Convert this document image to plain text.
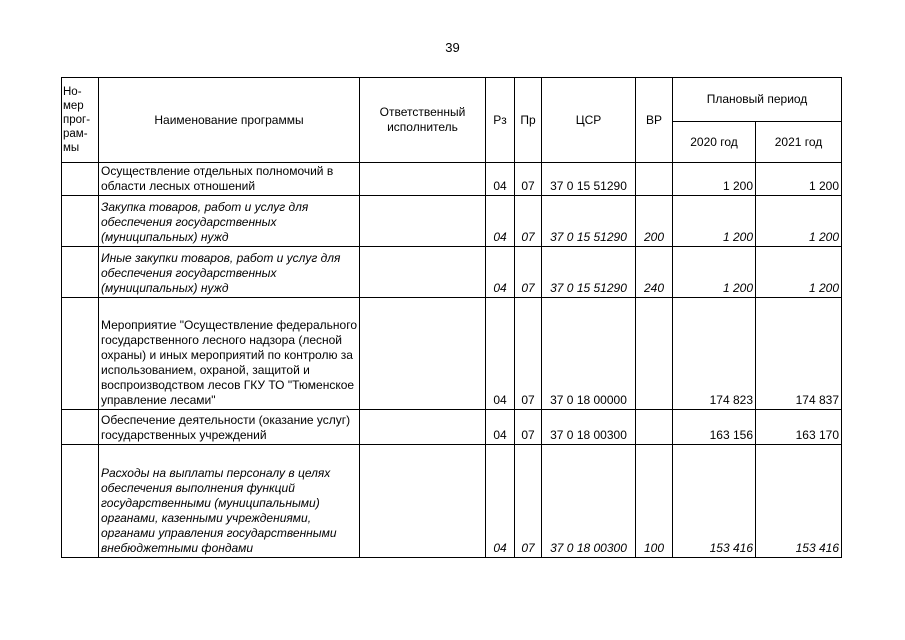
39
Но-
мер
прог-
рам-
мы	Наименование программы	Ответственный исполнитель	Рз	Пр	ЦСР	ВР	Плановый период	
							2020 год	2021 год
	Осуществление отдельных полномочий в области лесных отношений		04	07	37 0 15 51290		1 200	1 200
	Закупка товаров, работ и услуг для обеспечения государственных (муниципальных) нужд		04	07	37 0 15 51290	200	1 200	1 200
	Иные закупки товаров, работ и услуг для обеспечения государственных (муниципальных) нужд		04	07	37 0 15 51290	240	1 200	1 200
	Мероприятие "Осуществление федерального государственного лесного надзора (лесной охраны) и иных мероприятий по контролю за использованием, охраной, защитой и воспроизводством лесов ГКУ ТО "Тюменское управление лесами"		04	07	37 0 18 00000		174 823	174 837
	Обеспечение деятельности (оказание услуг) государственных учреждений		04	07	37 0 18 00300		163 156	163 170
	Расходы на выплаты персоналу в целях обеспечения выполнения функций государственными (муниципальными) органами, казенными учреждениями, органами управления государственными внебюджетными фондами		04	07	37 0 18 00300	100	153 416	153 416
